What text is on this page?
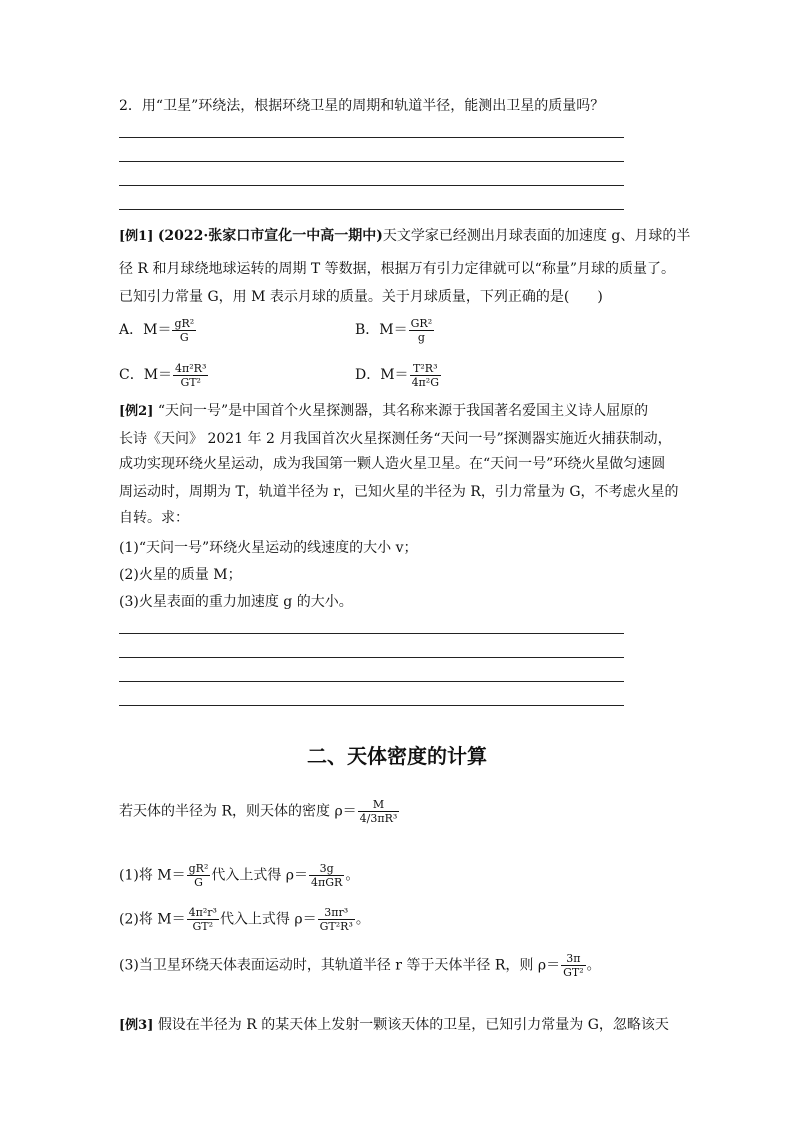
2．用“卫星”环绕法，根据环绕卫星的周期和轨道半径，能测出卫星的质量吗？
[例1] (2022·张家口市宣化一中高一期中)天文学家已经测出月球表面的加速度 g、月球的半
径 R 和月球绕地球运转的周期 T 等数据，根据万有引力定律就可以“称量”月球的质量了。
已知引力常量 G，用 M 表示月球的质量。关于月球质量，下列正确的是(　　)
A．$M= \frac{\text{gR²}}{G}$	B．$M= \frac{\text{GR²}}{g}$
C．$M= \frac{\text{4π²R³}}{\text{GT²}}$	D．$M= \frac{\text{T²R³}}{\text{4π²G}}$
[例2] “天问一号”是中国首个火星探测器，其名称来源于我国著名爱国主义诗人屈原的
长诗《天问》 2021 年 2 月我国首次火星探测任务“天问一号”探测器实施近火捕获制动，
成功实现环绕火星运动，成为我国第一颗人造火星卫星。在“天问一号”环绕火星做匀速圆
周运动时，周期为 T，轨道半径为 r，已知火星的半径为 R，引力常量为 G，不考虑火星的
自转。求：
(1)“天问一号”环绕火星运动的线速度的大小 v；
(2)火星的质量 M；
(3)火星表面的重力加速度 g 的大小。
二、天体密度的计算
若天体的半径为 R，则天体的密度 $\rho= \frac{M}{\text{4/3πR³}}$
(1)将 $M= \frac{\text{gR²}}{G}$ 代入上式得 $\rho= \frac{3g}{\text{4πGR}}$ 。
(2)将 $M= \frac{\text{4π²r³}}{\text{GT²}}$ 代入上式得 $\rho= \frac{\text{3πr³}}{\text{GT²R³}}$ 。
(3)当卫星环绕天体表面运动时，其轨道半径 r 等于天体半径 R，则 $\rho= \frac{3\pi}{\text{GT²}}$ 。
[例3] 假设在半径为 R 的某天体上发射一颗该天体的卫星，已知引力常量为 G，忽略该天
